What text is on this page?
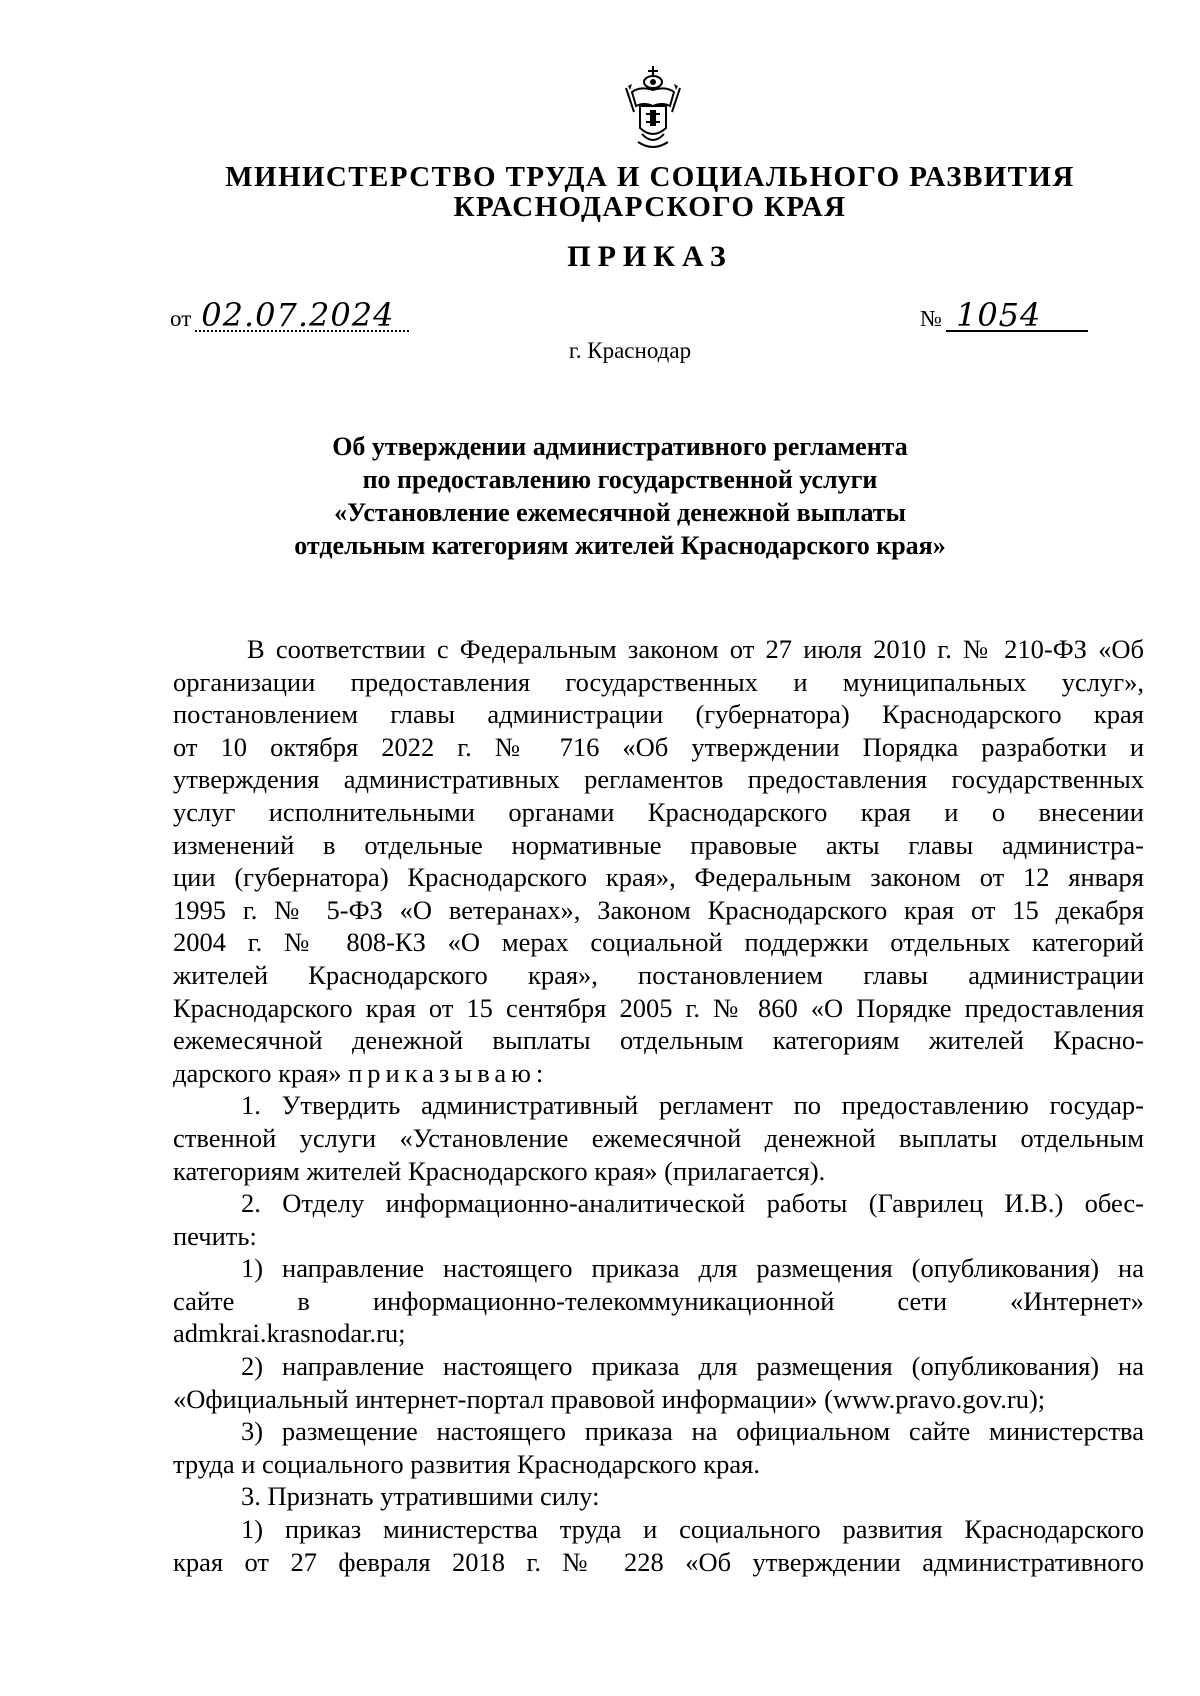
МИНИСТЕРСТВО ТРУДА И СОЦИАЛЬНОГО РАЗВИТИЯ
КРАСНОДАРСКОГО КРАЯ
ПРИКАЗ
от 02.07.2024	№ 1054
г. Краснодар
Об утверждении административного регламента
по предоставлению государственной услуги
«Установление ежемесячной денежной выплаты
отдельным категориям жителей Краснодарского края»
В соответствии с Федеральным законом от 27 июля 2010 г. № 210-ФЗ «Об
организации предоставления государственных и муниципальных услуг»,
постановлением главы администрации (губернатора) Краснодарского края
от 10 октября 2022 г. № 716 «Об утверждении Порядка разработки и
утверждения административных регламентов предоставления государственных
услуг исполнительными органами Краснодарского края и о внесении
изменений в отдельные нормативные правовые акты главы администра-
ции (губернатора) Краснодарского края», Федеральным законом от 12 января
1995 г. № 5-ФЗ «О ветеранах», Законом Краснодарского края от 15 декабря
2004 г. № 808-КЗ «О мерах социальной поддержки отдельных категорий
жителей Краснодарского края», постановлением главы администрации
Краснодарского края от 15 сентября 2005 г. № 860 «О Порядке предоставления
ежемесячной денежной выплаты отдельным категориям жителей Красно-
дарского края» приказываю:
1. Утвердить административный регламент по предоставлению государ-
ственной услуги «Установление ежемесячной денежной выплаты отдельным
категориям жителей Краснодарского края» (прилагается).
2. Отделу информационно-аналитической работы (Гаврилец И.В.) обес-
печить:
1) направление настоящего приказа для размещения (опубликования) на
сайте в информационно-телекоммуникационной сети «Интернет»
admkrai.krasnodar.ru;
2) направление настоящего приказа для размещения (опубликования) на
«Официальный интернет-портал правовой информации» (www.pravo.gov.ru);
3) размещение настоящего приказа на официальном сайте министерства
труда и социального развития Краснодарского края.
3. Признать утратившими силу:
1) приказ министерства труда и социального развития Краснодарского
края от 27 февраля 2018 г. № 228 «Об утверждении административного
